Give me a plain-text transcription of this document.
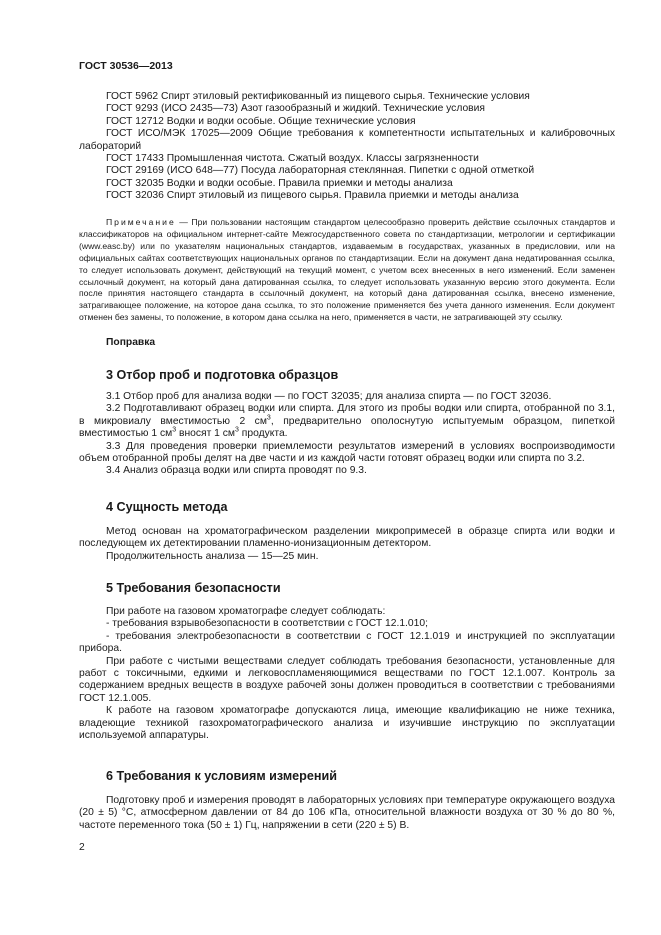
ГОСТ 30536—2013

ГОСТ 5962 Спирт этиловый ректификованный из пищевого сырья. Технические условия

ГОСТ 9293 (ИСО 2435—73) Азот газообразный и жидкий. Технические условия

ГОСТ 12712 Водки и водки особые. Общие технические условия

ГОСТ ИСО/МЭК 17025—2009 Общие требования к компетентности испытательных и калибровочных лабораторий

ГОСТ 17433 Промышленная чистота. Сжатый воздух. Классы загрязненности

ГОСТ 29169 (ИСО 648—77) Посуда лабораторная стеклянная. Пипетки с одной отметкой

ГОСТ 32035 Водки и водки особые. Правила приемки и методы анализа

ГОСТ 32036 Спирт этиловый из пищевого сырья. Правила приемки и методы анализа

Примечание — При пользовании настоящим стандартом целесообразно проверить действие ссылочных стандартов и классификаторов на официальном интернет-сайте Межгосударственного совета по стандартизации, метрологии и сертификации (www.easc.by) или по указателям национальных стандартов, издаваемым в государствах, указанных в предисловии, или на официальных сайтах соответствующих национальных органов по стандартизации. Если на документ дана недатированная ссылка, то следует использовать документ, действующий на текущий момент, с учетом всех внесенных в него изменений. Если заменен ссылочный документ, на который дана датированная ссылка, то следует использовать указанную версию этого документа. Если после принятия настоящего стандарта в ссылочный документ, на который дана датированная ссылка, внесено изменение, затрагивающее положение, на которое дана ссылка, то это положение применяется без учета данного изменения. Если документ отменен без замены, то положение, в котором дана ссылка на него, применяется в части, не затрагивающей эту ссылку.

Поправка
3 Отбор проб и подготовка образцов

3.1 Отбор проб для анализа водки — по ГОСТ 32035; для анализа спирта — по ГОСТ 32036.

3.2 Подготавливают образец водки или спирта. Для этого из пробы водки или спирта, отобранной по 3.1, в микровиалу вместимостью 2 $см^3$, предварительно ополоснутую испытуемым образцом, пипеткой вместимостью 1 $см^3$ вносят 1 $см^3$ продукта.

3.3 Для проведения проверки приемлемости результатов измерений в условиях воспроизводимости объем отобранной пробы делят на две части и из каждой части готовят образец водки или спирта по 3.2.

3.4 Анализ образца водки или спирта проводят по 9.3.

4 Сущность метода

Метод основан на хроматографическом разделении микропримесей в образце спирта или водки и последующем их детектировании пламенно-ионизационным детектором.

Продолжительность анализа — 15—25 мин.

5 Требования безопасности

При работе на газовом хроматографе следует соблюдать:

- требования взрывобезопасности в соответствии с ГОСТ 12.1.010;

- требования электробезопасности в соответствии с ГОСТ 12.1.019 и инструкцией по эксплуатации прибора.

При работе с чистыми веществами следует соблюдать требования безопасности, установленные для работ с токсичными, едкими и легковоспламеняющимися веществами по ГОСТ 12.1.007. Контроль за содержанием вредных веществ в воздухе рабочей зоны должен проводиться в соответствии с требованиями ГОСТ 12.1.005.

К работе на газовом хроматографе допускаются лица, имеющие квалификацию не ниже техника, владеющие техникой газохроматографического анализа и изучившие инструкцию по эксплуатации используемой аппаратуры.

6 Требования к условиям измерений

Подготовку проб и измерения проводят в лабораторных условиях при температуре окружающего воздуха (20 ± 5) °С, атмосферном давлении от 84 до 106 кПа, относительной влажности воздуха от 30 % до 80 %, частоте переменного тока (50 ± 1) Гц, напряжении в сети (220 ± 5) В.

2
